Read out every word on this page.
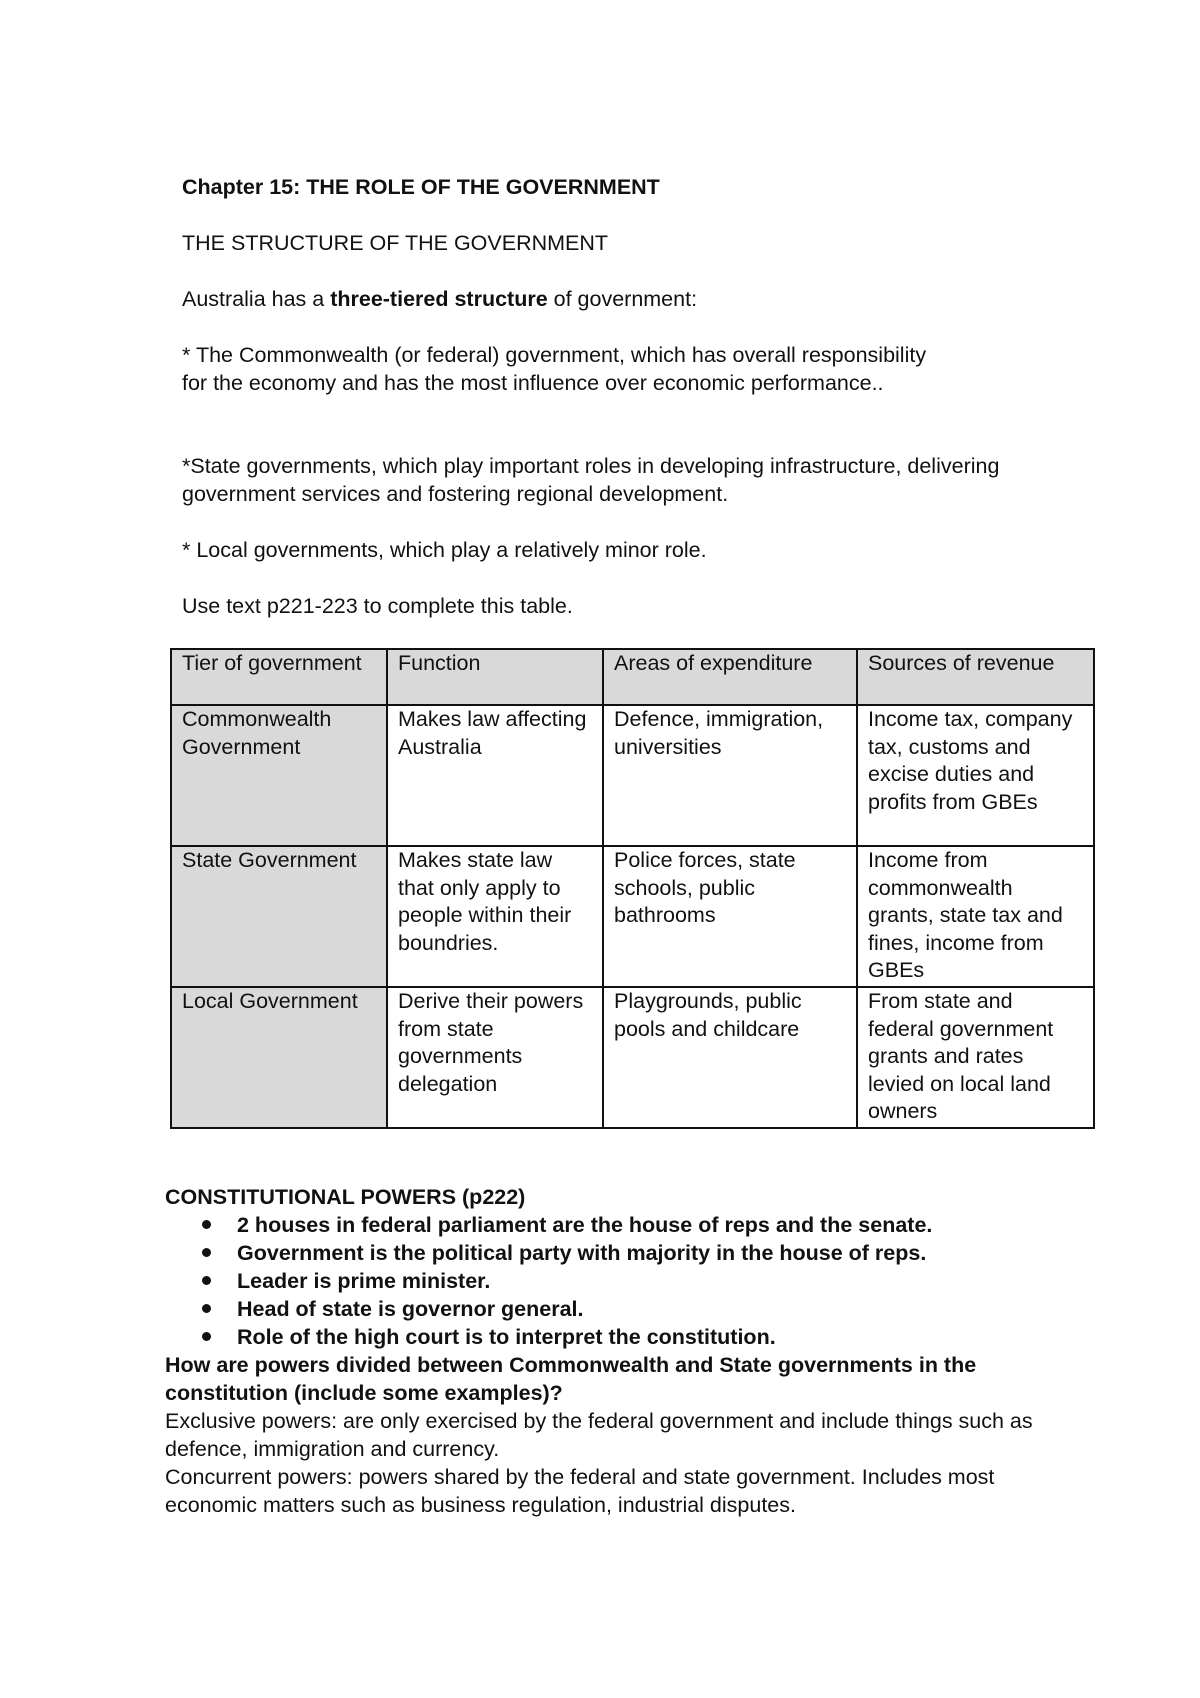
Chapter 15: THE ROLE OF THE GOVERNMENT
THE STRUCTURE OF THE GOVERNMENT
Australia has a three-tiered structure of government:
* The Commonwealth (or federal) government, which has overall responsibility for the economy and has the most influence over economic performance..
*State governments, which play important roles in developing infrastructure, delivering government services and fostering regional development.
* Local governments, which play a relatively minor role.
Use text p221-223 to complete this table.
Tier of government	Function	Areas of expenditure	Sources of revenue
Commonwealth Government	Makes law affecting Australia	Defence, immigration, universities	Income tax, company tax, customs and excise duties and profits from GBEs
State Government	Makes state law that only apply to people within their boundries.	Police forces, state schools, public bathrooms	Income from commonwealth grants, state tax and fines, income from GBEs
Local Government	Derive their powers from state governments delegation	Playgrounds, public pools and childcare	From state and federal government grants and rates levied on local land owners
CONSTITUTIONAL POWERS (p222)
2 houses in federal parliament are the house of reps and the senate.
Government is the political party with majority in the house of reps.
Leader is prime minister.
Head of state is governor general.
Role of the high court is to interpret the constitution.

How are powers divided between Commonwealth and State governments in the constitution (include some examples)?

Exclusive powers: are only exercised by the federal government and include things such as defence, immigration and currency.

Concurrent powers: powers shared by the federal and state government. Includes most economic matters such as business regulation, industrial disputes.
